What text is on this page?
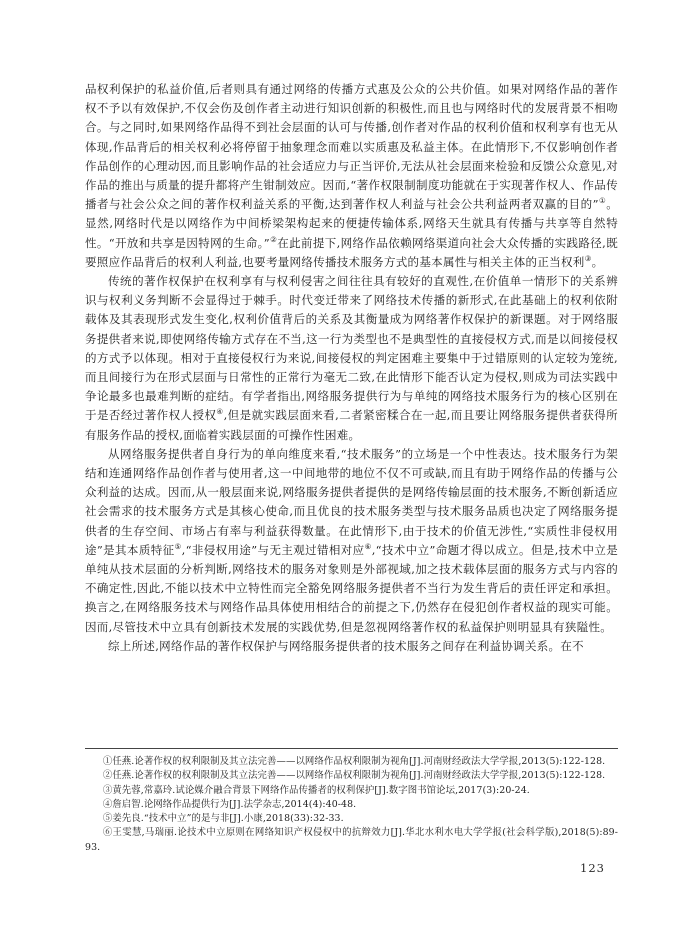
品权利保护的私益价值,后者则具有通过网络的传播方式惠及公众的公共价值。如果对网络作品的著作权不予以有效保护,不仅会伤及创作者主动进行知识创新的积极性,而且也与网络时代的发展背景不相吻合。与之同时,如果网络作品得不到社会层面的认可与传播,创作者对作品的权利价值和权利享有也无从体现,作品背后的相关权利必将停留于抽象理念而难以实质惠及私益主体。在此情形下,不仅影响创作者作品创作的心理动因,而且影响作品的社会适应力与正当评价,无法从社会层面来检验和反馈公众意见,对作品的推出与质量的提升都将产生钳制效应。因而,“著作权限制制度功能就在于实现著作权人、作品传播者与社会公众之间的著作权利益关系的平衡,达到著作权人利益与社会公共利益两者双赢的目的”①。显然,网络时代是以网络作为中间桥梁架构起来的便捷传输体系,网络天生就具有传播与共享等自然特性。“开放和共享是因特网的生命。”②在此前提下,网络作品依赖网络渠道向社会大众传播的实践路径,既要照应作品背后的权利人利益,也要考量网络传播技术服务方式的基本属性与相关主体的正当权利③。

传统的著作权保护在权利享有与权利侵害之间往往具有较好的直观性,在价值单一情形下的关系辨识与权利义务判断不会显得过于棘手。时代变迁带来了网络技术传播的新形式,在此基础上的权利依附载体及其表现形式发生变化,权利价值背后的关系及其衡量成为网络著作权保护的新课题。对于网络服务提供者来说,即使网络传输方式存在不当,这一行为类型也不是典型性的直接侵权方式,而是以间接侵权的方式予以体现。相对于直接侵权行为来说,间接侵权的判定困难主要集中于过错原则的认定较为笼统,而且间接行为在形式层面与日常性的正常行为毫无二致,在此情形下能否认定为侵权,则成为司法实践中争论最多也最难判断的症结。有学者指出,网络服务提供行为与单纯的网络技术服务行为的核心区别在于是否经过著作权人授权④,但是就实践层面来看,二者紧密糅合在一起,而且要让网络服务提供者获得所有服务作品的授权,面临着实践层面的可操作性困难。

从网络服务提供者自身行为的单向维度来看,“技术服务”的立场是一个中性表达。技术服务行为架结和连通网络作品创作者与使用者,这一中间地带的地位不仅不可或缺,而且有助于网络作品的传播与公众利益的达成。因而,从一般层面来说,网络服务提供者提供的是网络传输层面的技术服务,不断创新适应社会需求的技术服务方式是其核心使命,而且优良的技术服务类型与技术服务品质也决定了网络服务提供者的生存空间、市场占有率与利益获得数量。在此情形下,由于技术的价值无涉性,“实质性非侵权用途”是其本质特征⑤,“非侵权用途”与无主观过错相对应⑥,“技术中立”命题才得以成立。但是,技术中立是单纯从技术层面的分析判断,网络技术的服务对象则是外部视域,加之技术载体层面的服务方式与内容的不确定性,因此,不能以技术中立特性而完全豁免网络服务提供者不当行为发生背后的责任评定和承担。换言之,在网络服务技术与网络作品具体使用相结合的前提之下,仍然存在侵犯创作者权益的现实可能。因而,尽管技术中立具有创新技术发展的实践优势,但是忽视网络著作权的私益保护则明显具有狭隘性。

综上所述,网络作品的著作权保护与网络服务提供者的技术服务之间存在利益协调关系。在不

①任燕.论著作权的权利限制及其立法完善——以网络作品权利限制为视角[J].河南财经政法大学学报,2013(5):122-128.

②任燕.论著作权的权利限制及其立法完善——以网络作品权利限制为视角[J].河南财经政法大学学报,2013(5):122-128.

③黄先蓉,常嘉玲.试论媒介融合背景下网络作品传播者的权利保护[J].数字图书馆论坛,2017(3):20-24.

④詹启智.论网络作品提供行为[J].法学杂志,2014(4):40-48.

⑤姜先良.“技术中立”的是与非[J].小康,2018(33):32-33.

⑥王雯慧,马瑞丽.论技术中立原则在网络知识产权侵权中的抗辩效力[J].华北水利水电大学学报(社会科学版),2018(5):89-93.

123
